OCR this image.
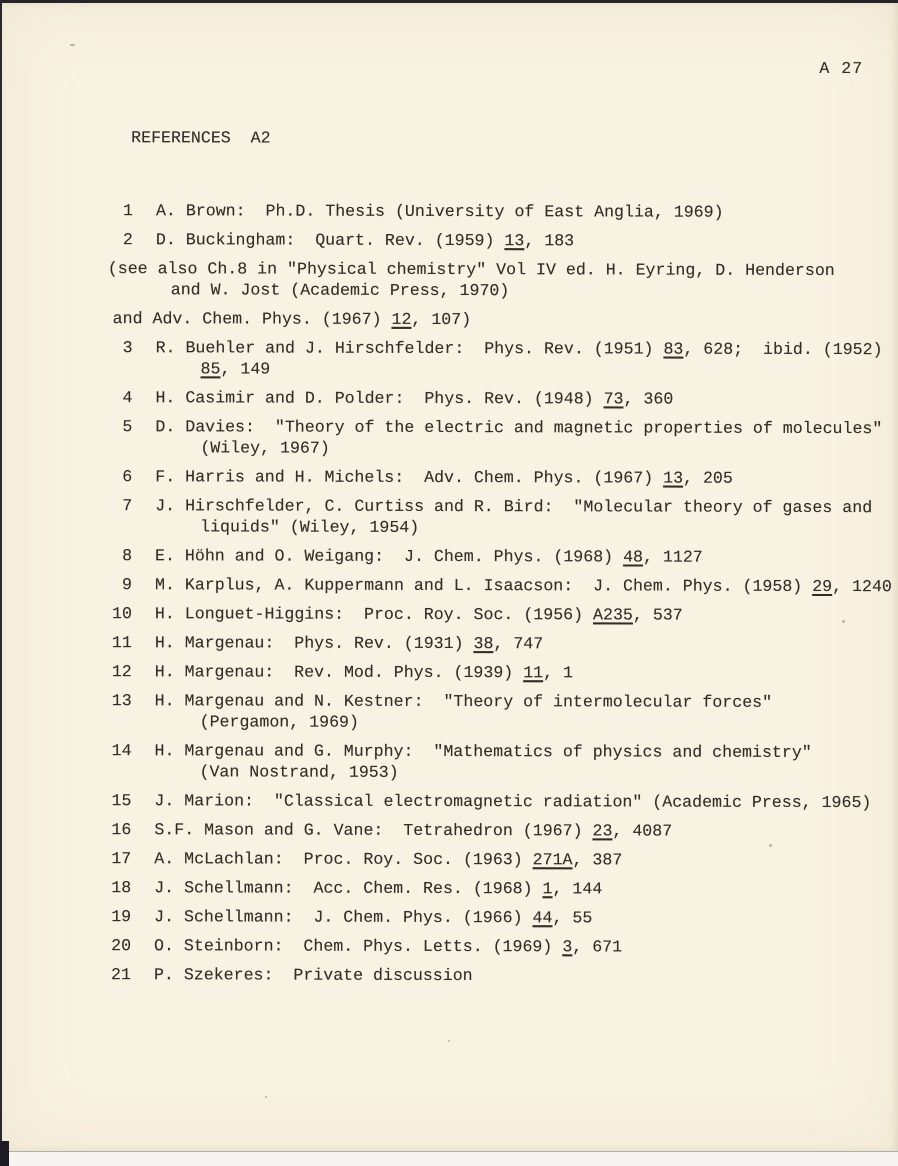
A 27
REFERENCES  A2
1 A. Brown:  Ph.D. Thesis (University of East Anglia, 1969)
2 D. Buckingham:  Quart. Rev. (1959) 13, 183
(see also Ch.8 in "Physical chemistry" Vol IV ed. H. Eyring, D. Henderson
and W. Jost (Academic Press, 1970)
and Adv. Chem. Phys. (1967) 12, 107)
3 R. Buehler and J. Hirschfelder:  Phys. Rev. (1951) 83, 628;  ibid. (1952)
85, 149
4 H. Casimir and D. Polder:  Phys. Rev. (1948) 73, 360
5 D. Davies:  "Theory of the electric and magnetic properties of molecules"
(Wiley, 1967)
6 F. Harris and H. Michels:  Adv. Chem. Phys. (1967) 13, 205
7 J. Hirschfelder, C. Curtiss and R. Bird:  "Molecular theory of gases and
liquids" (Wiley, 1954)
8 E. Höhn and O. Weigang:  J. Chem. Phys. (1968) 48, 1127
9 M. Karplus, A. Kuppermann and L. Isaacson:  J. Chem. Phys. (1958) 29, 1240
10 H. Longuet-Higgins:  Proc. Roy. Soc. (1956) A235, 537
11 H. Margenau:  Phys. Rev. (1931) 38, 747
12 H. Margenau:  Rev. Mod. Phys. (1939) 11, 1
13 H. Margenau and N. Kestner:  "Theory of intermolecular forces"
(Pergamon, 1969)
14 H. Margenau and G. Murphy:  "Mathematics of physics and chemistry"
(Van Nostrand, 1953)
15 J. Marion:  "Classical electromagnetic radiation" (Academic Press, 1965)
16 S.F. Mason and G. Vane:  Tetrahedron (1967) 23, 4087
17 A. McLachlan:  Proc. Roy. Soc. (1963) 271A, 387
18 J. Schellmann:  Acc. Chem. Res. (1968) 1, 144
19 J. Schellmann:  J. Chem. Phys. (1966) 44, 55
20 O. Steinborn:  Chem. Phys. Letts. (1969) 3, 671
21 P. Szekeres:  Private discussion
